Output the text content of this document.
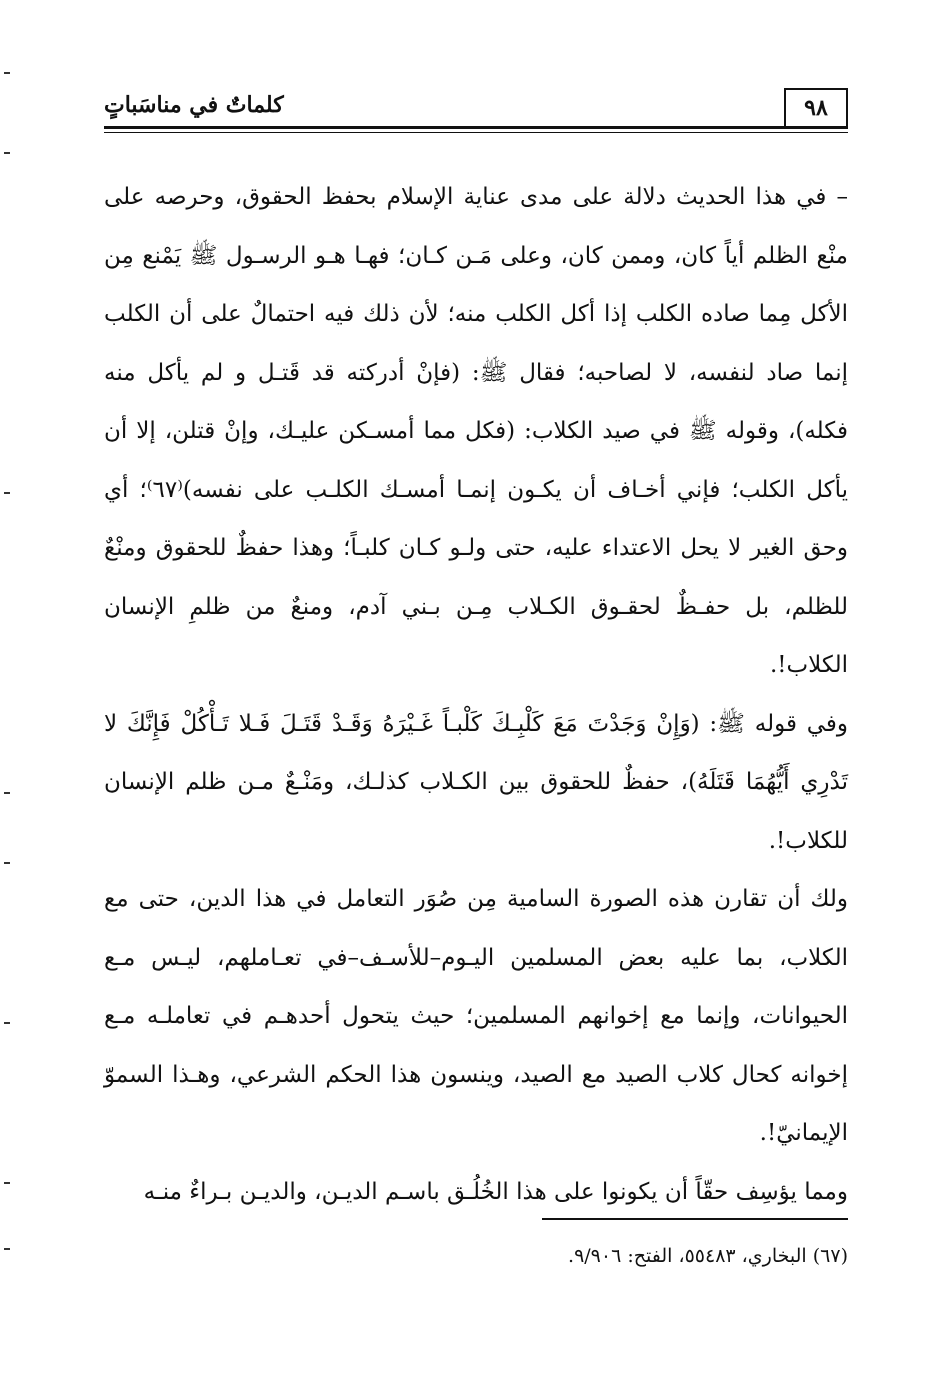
كلماتٌ في مناسَباتٍ	٩٨

– في هذا الحديث دلالة على مدى عناية الإسلام بحفظ الحقوق، وحرصه على منْع الظلم أياً كان، وممن كان، وعلى مَـن كـان؛ فهـا هـو الرسـول ﷺ يَمْنع مِن الأكل مِما صاده الكلب إذا أكل الكلب منه؛ لأن ذلك فيه احتمالٌ على أن الكلب إنما صاد لنفسه، لا لصاحبه؛ فقال ﷺ: (فإنْ أدركته قد قَتـل و لم يأكل منه فكله)، وقوله ﷺ في صيد الكلاب: (فكل مما أمسـكن عليـك، وإنْ قتلن، إلا أن يأكل الكلب؛ فإني أخـاف أن يكـون إنمـا أمسـك الكلـب على نفسه)⁽٦٧⁾؛ أي وحق الغير لا يحل الاعتداء عليه، حتى ولـو كـان كلبـاً؛ وهذا حفظٌ للحقوق ومنْعٌ للظلم، بل حفـظٌ لحقـوق الكـلاب مِـن بـني آدم، ومنعٌ من ظلمِ الإنسان الكلاب!.

وفي قوله ﷺ: (وَإِنْ وَجَدْتَ مَعَ كَلْبِـكَ كَلْبـاً غَـيْرَهُ وَقَـدْ قَتَـلَ فَـلا تَـأْكُلْ فَإِنَّكَ لا تَدْرِي أَيُّهُمَا قَتَلَهُ)، حفظٌ للحقوق بين الكـلاب كذلـك، ومَنْـعٌ مـن ظلم الإنسان للكلاب!.

ولك أن تقارن هذه الصورة السامية مِن صُوَر التعامل في هذا الدين، حتى مع الكلاب، بما عليه بعض المسلمين اليـوم–للأسـف–في تعـاملهم، ليـس مـع الحيوانات، وإنما مع إخوانهم المسلمين؛ حيث يتحول أحدهـم في تعاملـه مـع إخوانه كحال كلاب الصيد مع الصيد، وينسون هذا الحكم الشرعي، وهـذا السموّ الإيمانيّ!.

ومما يؤسِف حقّاً أن يكونوا على هذا الخُلُـق باسـم الديـن، والديـن بـراءٌ منـه

(٦٧) البخاري، ٥٥٤٨٣، الفتح: ٩/٩٠٦.
